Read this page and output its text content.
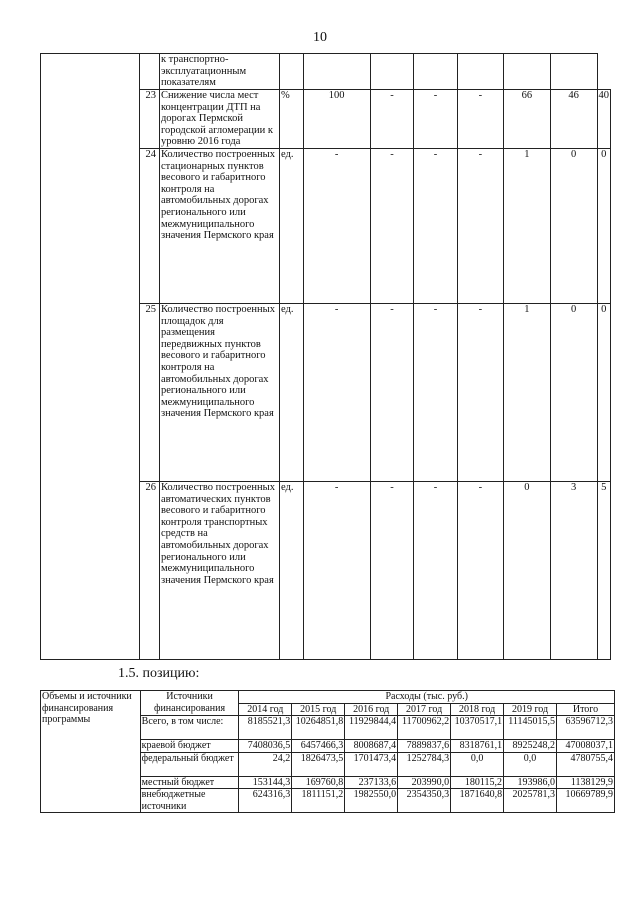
10
		к транспортно-эксплуатационным показателям								
	23	Снижение числа мест концентрации ДТП на дорогах Пермской городской агломерации к уровню 2016 года	%	100	-	-	-	66	46	40
	24	Количество построенных стационарных пунктов весового и габаритного контроля на автомобильных дорогах регионального или межмуниципального значения Пермского края	ед.	-	-	-	-	1	0	0
	25	Количество построенных площадок для размещения передвижных пунктов весового и габаритного контроля на автомобильных дорогах регионального или межмуниципального значения Пермского края	ед.	-	-	-	-	1	0	0
	26	Количество построенных автоматических пунктов весового и габаритного контроля транспортных средств на автомобильных дорогах регионального или межмуниципального значения Пермского края	ед.	-	-	-	-	0	3	5
1.5. позицию:
Объемы и источники финансирования программы	Источники финансирования	Расходы (тыс. руб.)						
		2014 год	2015 год	2016 год	2017 год	2018 год	2019 год	Итого
	Всего, в том числе:	8185521,3	10264851,8	11929844,4	11700962,2	10370517,1	11145015,5	63596712,3
	краевой бюджет	7408036,5	6457466,3	8008687,4	7889837,6	8318761,1	8925248,2	47008037,1
	федеральный бюджет	24,2	1826473,5	1701473,4	1252784,3	0,0	0,0	4780755,4
	местный бюджет	153144,3	169760,8	237133,6	203990,0	180115,2	193986,0	1138129,9
	внебюджетные источники	624316,3	1811151,2	1982550,0	2354350,3	1871640,8	2025781,3	10669789,9
